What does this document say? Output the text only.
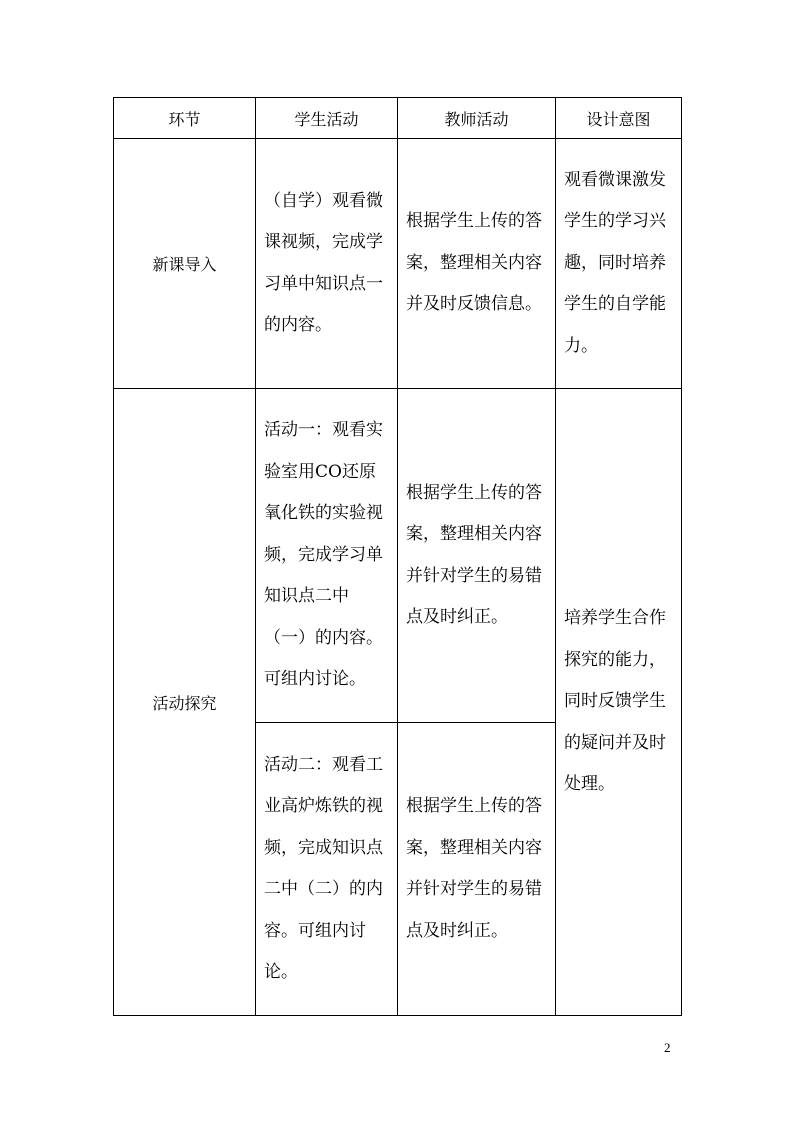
环节	学生活动	教师活动	设计意图
新课导入	（自学）观看微课视频，完成学习单中知识点一的内容。	根据学生上传的答案，整理相关内容并及时反馈信息。	观看微课激发学生的学习兴趣，同时培养学生的自学能力。
活动探究	活动一：观看实验室用CO还原氧化铁的实验视频，完成学习单知识点二中（一）的内容。可组内讨论。	根据学生上传的答案，整理相关内容并针对学生的易错点及时纠正。	培养学生合作探究的能力，同时反馈学生的疑问并及时处理。
	活动二：观看工业高炉炼铁的视频，完成知识点二中（二）的内容。可组内讨论。	根据学生上传的答案，整理相关内容并针对学生的易错点及时纠正。	
2
